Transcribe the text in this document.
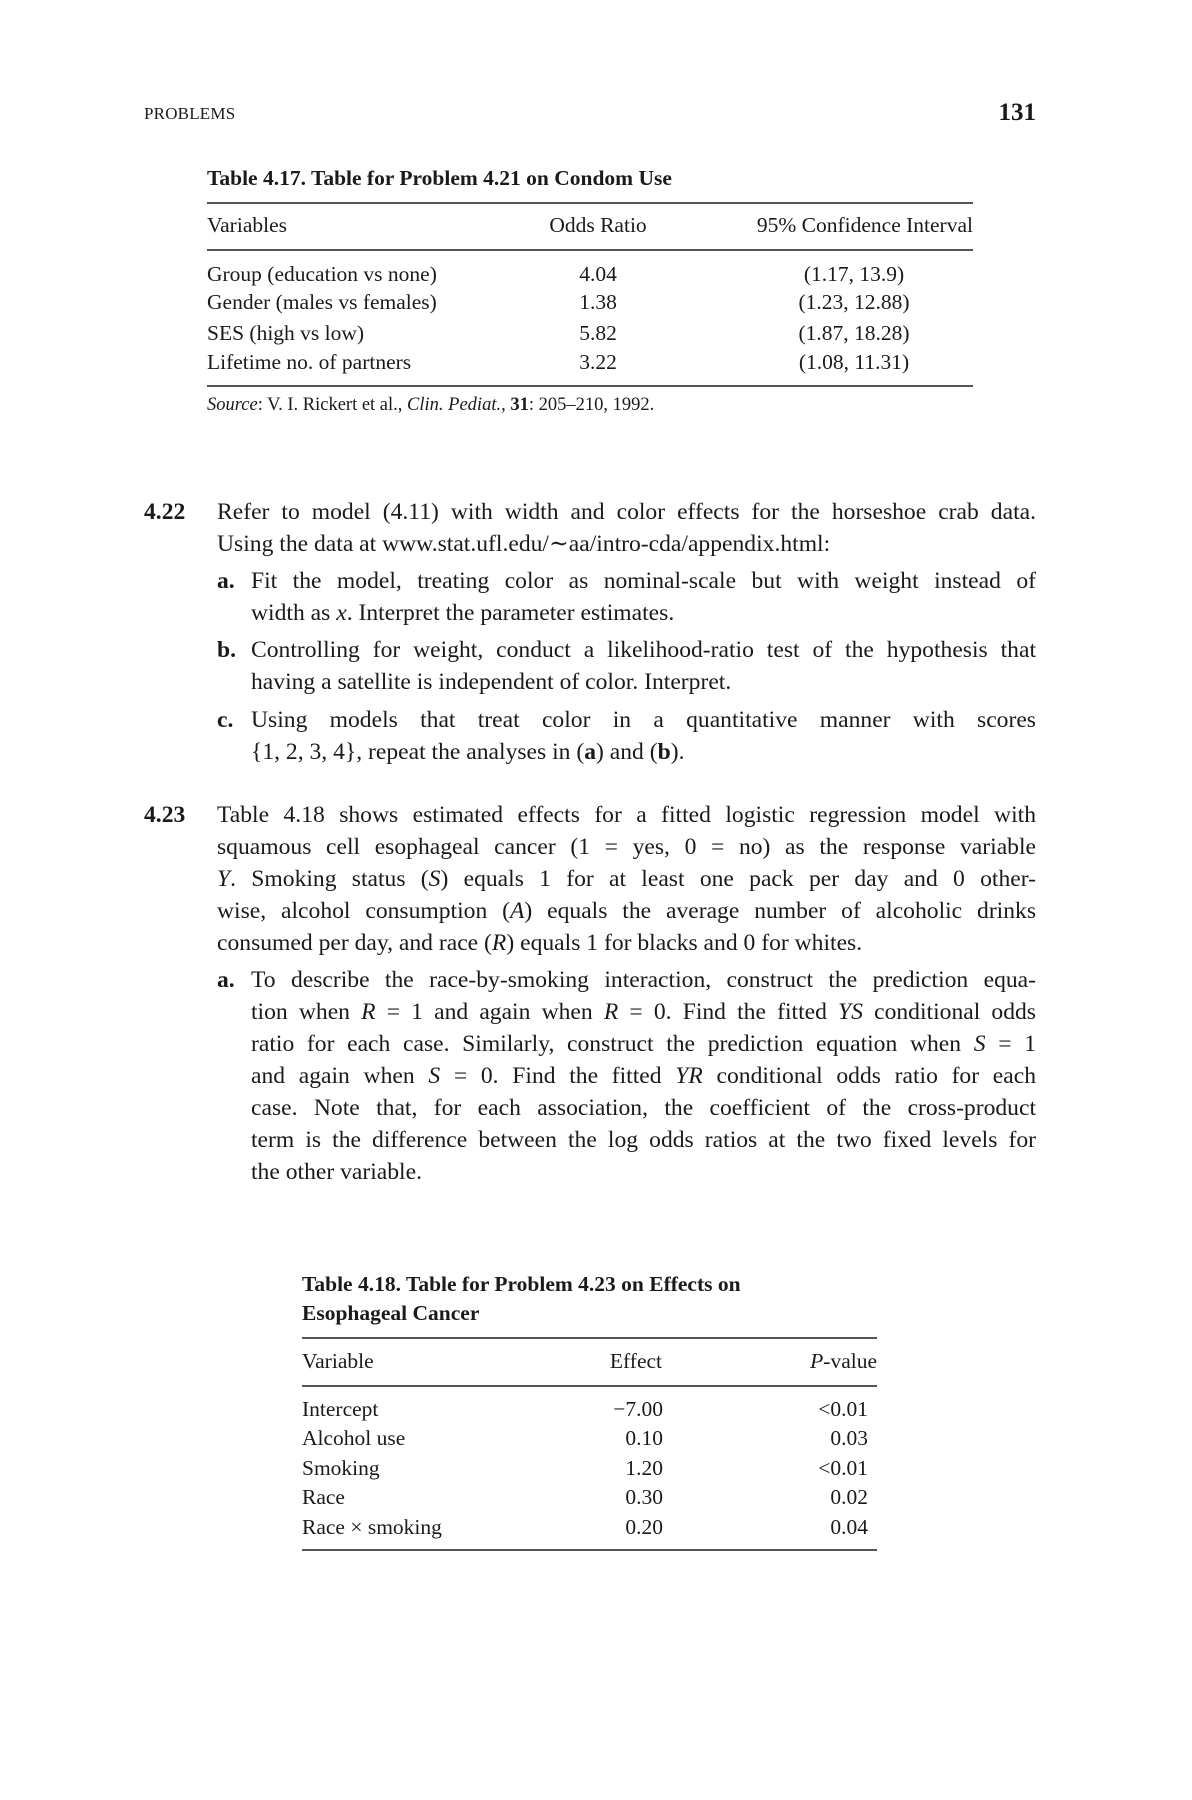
PROBLEMS	131
Table 4.17. Table for Problem 4.21 on Condom Use
Variables	Odds Ratio	95% Confidence Interval
Group (education vs none)	4.04	(1.17, 13.9)
Gender (males vs females)	1.38	(1.23, 12.88)
SES (high vs low)	5.82	(1.87, 18.28)
Lifetime no. of partners	3.22	(1.08, 11.31)
Source: V. I. Rickert et al., Clin. Pediat., 31: 205–210, 1992.
4.22 Refer to model (4.11) with width and color effects for the horseshoe crab data.
Using the data at www.stat.ufl.edu/∼aa/intro-cda/appendix.html:
a. Fit the model, treating color as nominal-scale but with weight instead of
width as x. Interpret the parameter estimates.
b. Controlling for weight, conduct a likelihood-ratio test of the hypothesis that
having a satellite is independent of color. Interpret.
c. Using models that treat color in a quantitative manner with scores
{1, 2, 3, 4}, repeat the analyses in (a) and (b).
4.23 Table 4.18 shows estimated effects for a fitted logistic regression model with
squamous cell esophageal cancer (1 = yes, 0 = no) as the response variable
Y. Smoking status (S) equals 1 for at least one pack per day and 0 other-
wise, alcohol consumption (A) equals the average number of alcoholic drinks
consumed per day, and race (R) equals 1 for blacks and 0 for whites.
a. To describe the race-by-smoking interaction, construct the prediction equa-
tion when R = 1 and again when R = 0. Find the fitted YS conditional odds
ratio for each case. Similarly, construct the prediction equation when S = 1
and again when S = 0. Find the fitted YR conditional odds ratio for each
case. Note that, for each association, the coefficient of the cross-product
term is the difference between the log odds ratios at the two fixed levels for
the other variable.
Table 4.18. Table for Problem 4.23 on Effects on
Esophageal Cancer
Variable	Effect	P-value
Intercept	−7.00	<0.01
Alcohol use	0.10	0.03
Smoking	1.20	<0.01
Race	0.30	0.02
Race × smoking	0.20	0.04
